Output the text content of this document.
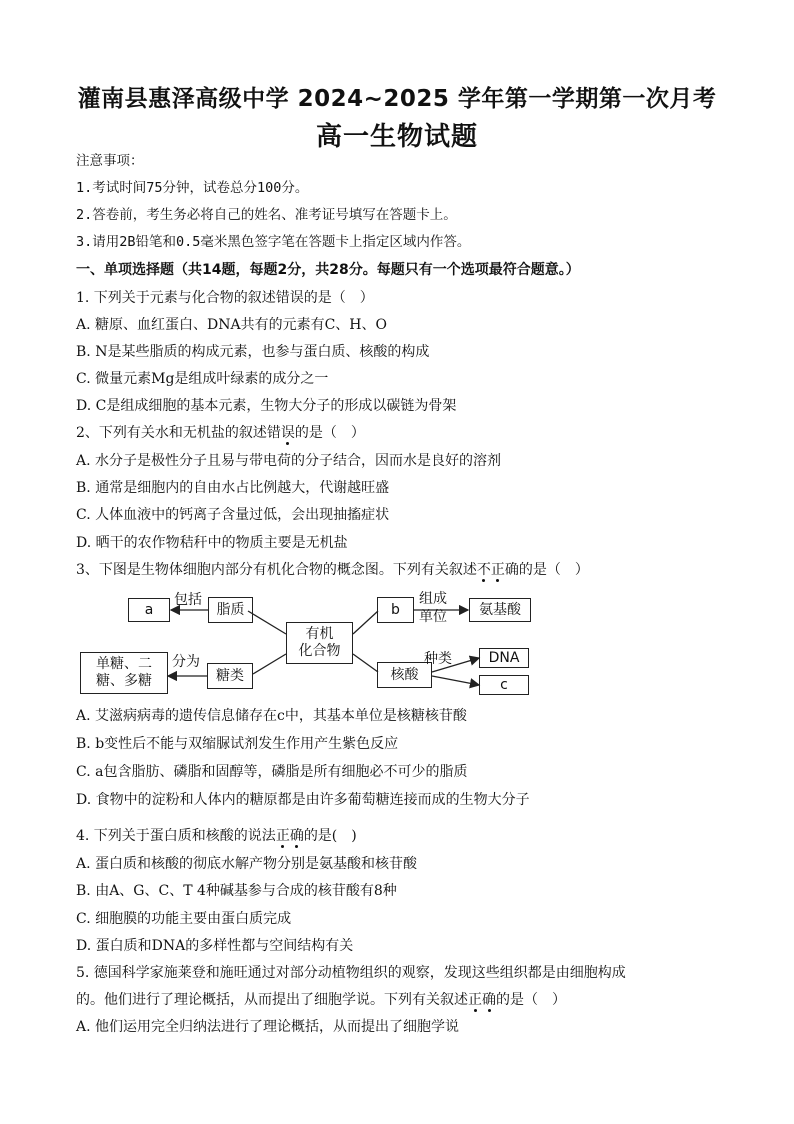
灌南县惠泽高级中学 2024~2025 学年第一学期第一次月考
高一生物试题
注意事项：
1.考试时间75分钟，试卷总分100分。
2.答卷前，考生务必将自己的姓名、准考证号填写在答题卡上。
3.请用2B铅笔和0.5毫米黑色签字笔在答题卡上指定区域内作答。
一、单项选择题（共14题，每题2分，共28分。每题只有一个选项最符合题意。）
1. 下列关于元素与化合物的叙述错误的是（　）
A. 糖原、血红蛋白、DNA共有的元素有C、H、O
B. N是某些脂质的构成元素，也参与蛋白质、核酸的构成
C. 微量元素Mg是组成叶绿素的成分之一
D. C是组成细胞的基本元素，生物大分子的形成以碳链为骨架
2、下列有关水和无机盐的叙述错误的是（　）
A. 水分子是极性分子且易与带电荷的分子结合，因而水是良好的溶剂
B. 通常是细胞内的自由水占比例越大，代谢越旺盛
C. 人体血液中的钙离子含量过低，会出现抽搐症状
D. 晒干的农作物秸秆中的物质主要是无机盐
3、下图是生物体细胞内部分有机化合物的概念图。下列有关叙述不正确的是（　）
a
包括
脂质
有机
化合物
b
组成
单位	氨基酸
单糖、二
糖、多糖
分为
糖类	核酸
种类	DNA
c
A. 艾滋病病毒的遗传信息储存在c中，其基本单位是核糖核苷酸
B. b变性后不能与双缩脲试剂发生作用产生紫色反应
C. a包含脂肪、磷脂和固醇等，磷脂是所有细胞必不可少的脂质
D. 食物中的淀粉和人体内的糖原都是由许多葡萄糖连接而成的生物大分子
4. 下列关于蛋白质和核酸的说法正确的是(　)
A. 蛋白质和核酸的彻底水解产物分别是氨基酸和核苷酸
B. 由A、G、C、T 4种碱基参与合成的核苷酸有8种
C. 细胞膜的功能主要由蛋白质完成
D. 蛋白质和DNA的多样性都与空间结构有关
5. 德国科学家施莱登和施旺通过对部分动植物组织的观察，发现这些组织都是由细胞构成
的。他们进行了理论概括，从而提出了细胞学说。下列有关叙述正确的是（　）
A. 他们运用完全归纳法进行了理论概括，从而提出了细胞学说
